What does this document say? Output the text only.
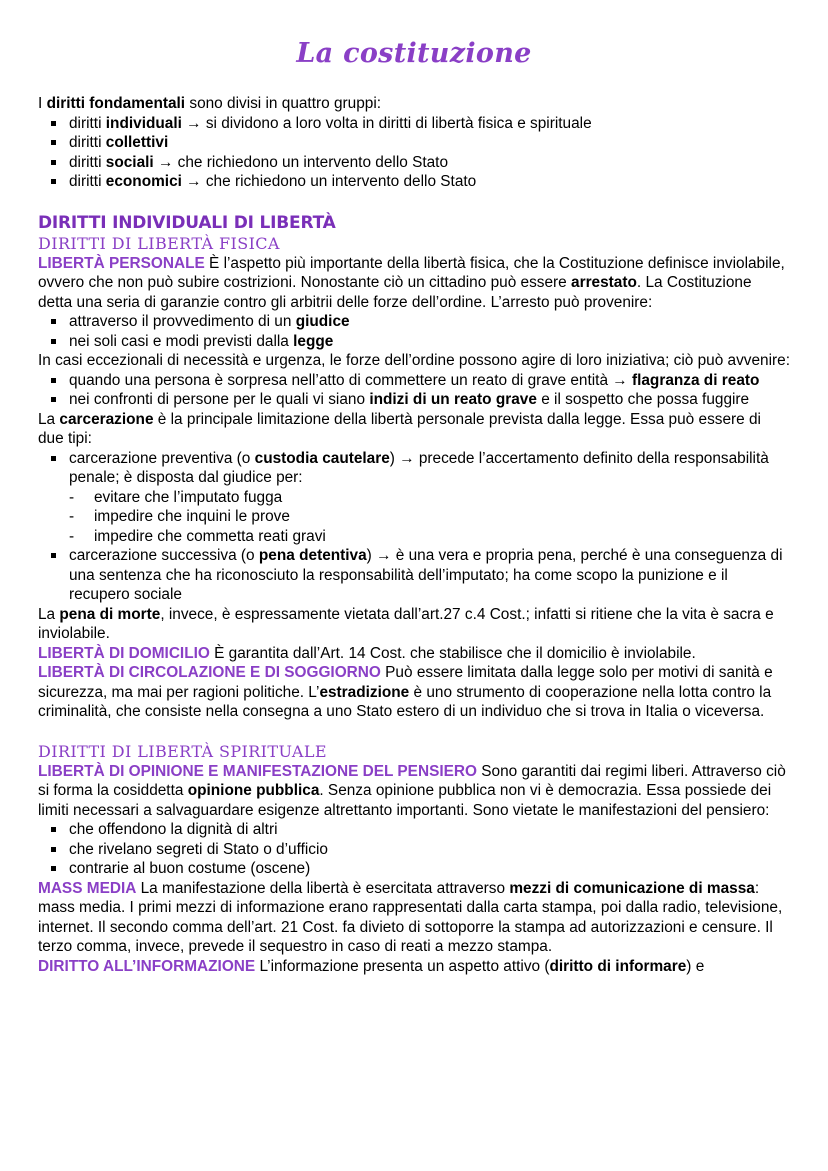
La costituzione

I diritti fondamentali sono divisi in quattro gruppi:

diritti individuali → si dividono a loro volta in diritti di libertà fisica e spirituale
diritti collettivi
diritti sociali → che richiedono un intervento dello Stato
diritti economici → che richiedono un intervento dello Stato
DIRITTI INDIVIDUALI DI LIBERTÀ
DIRITTI DI LIBERTÀ FISICA

LIBERTÀ PERSONALE È l’aspetto più importante della libertà fisica, che la Costituzione definisce inviolabile, ovvero che non può subire costrizioni. Nonostante ciò un cittadino può essere arrestato. La Costituzione detta una seria di garanzie contro gli arbitrii delle forze dell’ordine. L’arresto può provenire:

attraverso il provvedimento di un giudice
nei soli casi e modi previsti dalla legge

In casi eccezionali di necessità e urgenza, le forze dell’ordine possono agire di loro iniziativa; ciò può avvenire:

quando una persona è sorpresa nell’atto di commettere un reato di grave entità → flagranza di reato
nei confronti di persone per le quali vi siano indizi di un reato grave e il sospetto che possa fuggire

La carcerazione è la principale limitazione della libertà personale prevista dalla legge. Essa può essere di due tipi:

carcerazione preventiva (o custodia cautelare) → precede l’accertamento definito della responsabilità penale; è disposta dal giudice per:
- evitare che l’imputato fugga
- impedire che inquini le prove
- impedire che commetta reati gravi
carcerazione successiva (o pena detentiva) → è una vera e propria pena, perché è una conseguenza di una sentenza che ha riconosciuto la responsabilità dell’imputato; ha come scopo la punizione e il recupero sociale

La pena di morte, invece, è espressamente vietata dall’art.27 c.4 Cost.; infatti si ritiene che la vita è sacra e inviolabile.

LIBERTÀ DI DOMICILIO È garantita dall’Art. 14 Cost. che stabilisce che il domicilio è inviolabile.

LIBERTÀ DI CIRCOLAZIONE E DI SOGGIORNO Può essere limitata dalla legge solo per motivi di sanità e sicurezza, ma mai per ragioni politiche. L’estradizione è uno strumento di cooperazione nella lotta contro la criminalità, che consiste nella consegna a uno Stato estero di un individuo che si trova in Italia o viceversa.

DIRITTI DI LIBERTÀ SPIRITUALE

LIBERTÀ DI OPINIONE E MANIFESTAZIONE DEL PENSIERO Sono garantiti dai regimi liberi. Attraverso ciò si forma la cosiddetta opinione pubblica. Senza opinione pubblica non vi è democrazia. Essa possiede dei limiti necessari a salvaguardare esigenze altrettanto importanti. Sono vietate le manifestazioni del pensiero:

che offendono la dignità di altri
che rivelano segreti di Stato o d’ufficio
contrarie al buon costume (oscene)

MASS MEDIA La manifestazione della libertà è esercitata attraverso mezzi di comunicazione di massa: mass media. I primi mezzi di informazione erano rappresentati dalla carta stampa, poi dalla radio, televisione, internet. Il secondo comma dell’art. 21 Cost. fa divieto di sottoporre la stampa ad autorizzazioni e censure. Il terzo comma, invece, prevede il sequestro in caso di reati a mezzo stampa.

DIRITTO ALL’INFORMAZIONE L’informazione presenta un aspetto attivo (diritto di informare) e
